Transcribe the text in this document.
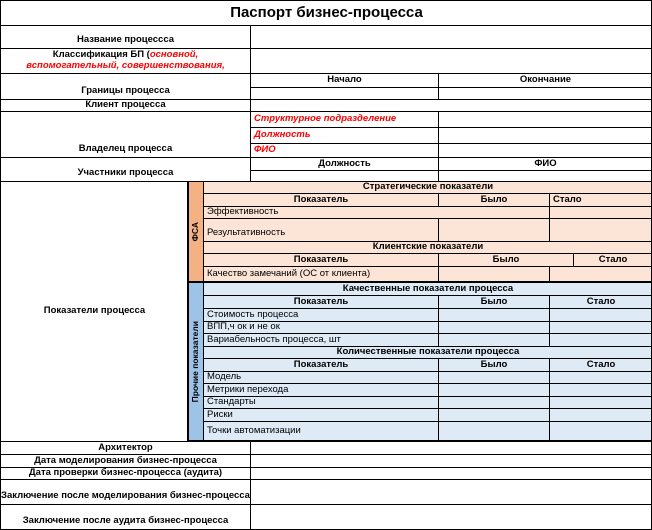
Паспорт бизнес-процесса
Название процессса
Классификация БП (основной,
вспомогательный, совершенствования,
Границы процесса
Начало	Окончание
Клиент процесса
Владелец процесса
Структурное подразделение
Должность
ФИО
Участники процесса
Должность	ФИО
Показатели процесса
ФСА
Прочие показатели
Стратегические показатели
Показатель	Было	Стало
Эффективность
Результативность
Клиентские показатели
Показатель	Было	Стало
Качество замечаний (ОС от клиента)
Качественные показатели процесса
Показатель	Было	Стало
Стоимость процесса
ВПП,ч ок и не ок
Вариабельность процесса, шт
Количественные показатели процесса
Показатель	Было	Стало
Модель
Метрики перехода
Стандарты
Риски
Точки автоматизации
Архитектор
Дата моделирования бизнес-процесса
Дата проверки бизнес-процесса (аудита)
Заключение после моделирования бизнес-процесса
Заключение после аудита бизнес-процесса
